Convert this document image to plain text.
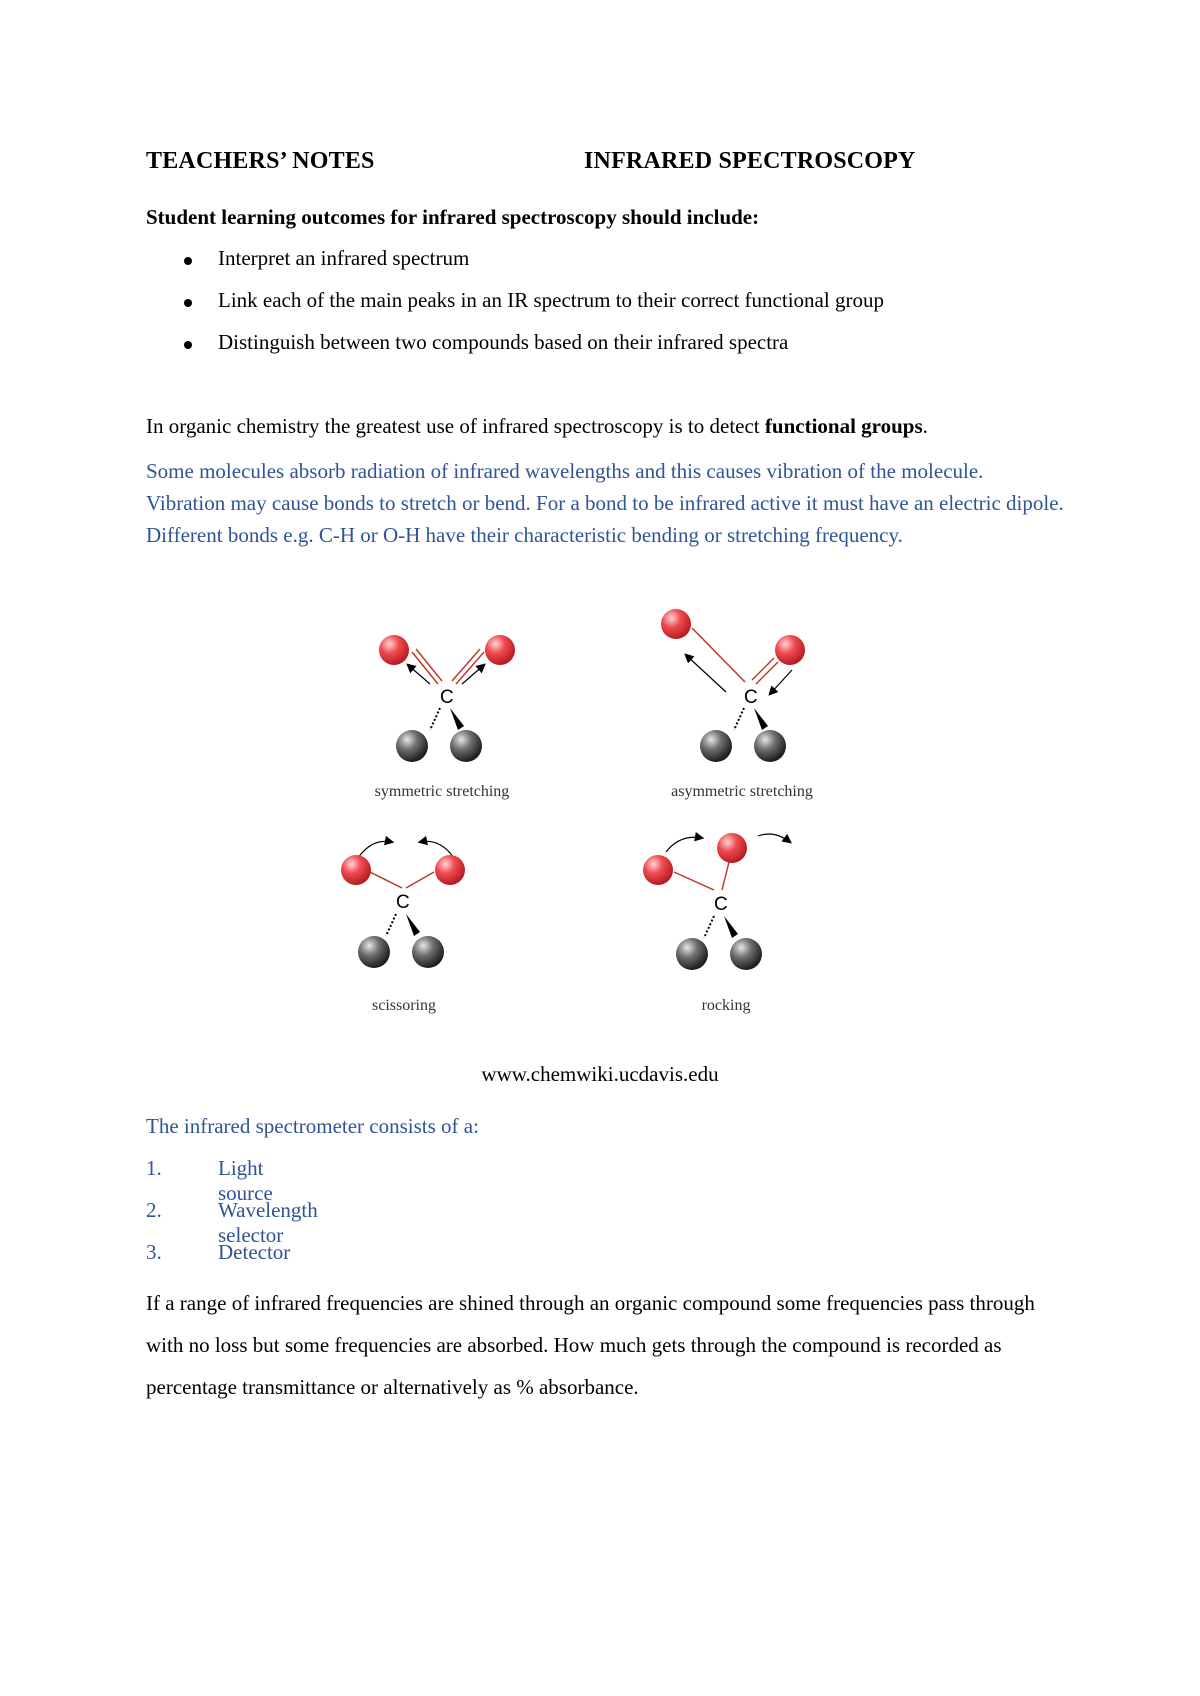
TEACHERS’ NOTES	INFRARED SPECTROSCOPY
Student learning outcomes for infrared spectroscopy should include:
Interpret an infrared spectrum
Link each of the main peaks in an IR spectrum to their correct functional group
Distinguish between two compounds based on their infrared spectra
In organic chemistry the greatest use of infrared spectroscopy is to detect functional groups.
Some molecules absorb radiation of infrared wavelengths and this causes vibration of the molecule. Vibration may cause bonds to stretch or bend. For a bond to be infrared active it must have an electric dipole. Different bonds e.g. C-H or O-H have their characteristic bending or stretching frequency.
C
symmetric stretching
C
asymmetric stretching
C
scissoring
C
rocking
www.chemwiki.ucdavis.edu
The infrared spectrometer consists of a:
1.	Light source
2.	Wavelength selector
3.	Detector
If a range of infrared frequencies are shined through an organic compound some frequencies pass through with no loss but some frequencies are absorbed. How much gets through the compound is recorded as percentage transmittance or alternatively as % absorbance.
